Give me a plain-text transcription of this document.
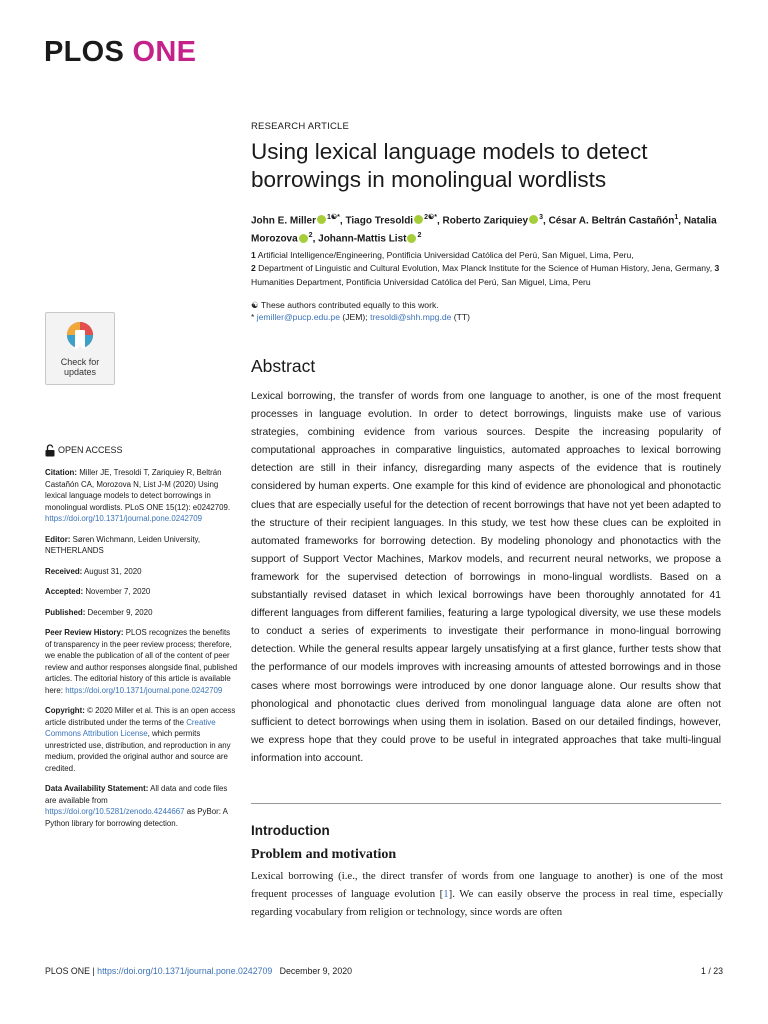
PLOS ONE
RESEARCH ARTICLE
Using lexical language models to detect borrowings in monolingual wordlists
John E. Miller $^{1☯*}$, Tiago Tresoldi $^{2☯*}$, Roberto Zariquiey $^3$, César A. Beltrán Castañón$^1$, Natalia Morozova $^2$, Johann-Mattis List $^2$
1 Artificial Intelligence/Engineering, Pontificia Universidad Católica del Perú, San Miguel, Lima, Peru,
2 Department of Linguistic and Cultural Evolution, Max Planck Institute for the Science of Human History, Jena, Germany, 3 Humanities Department, Pontificia Universidad Católica del Perú, San Miguel, Lima, Peru
☯ These authors contributed equally to this work.
* jemiller@pucp.edu.pe (JEM); tresoldi@shh.mpg.de (TT)
Check for
updates
OPEN ACCESS
Citation: Miller JE, Tresoldi T, Zariquiey R, Beltrán Castañón CA, Morozova N, List J-M (2020) Using lexical language models to detect borrowings in monolingual wordlists. PLoS ONE 15(12): e0242709. https://doi.org/10.1371/journal.pone.0242709
Editor: Søren Wichmann, Leiden University, NETHERLANDS
Received: August 31, 2020
Accepted: November 7, 2020
Published: December 9, 2020
Peer Review History: PLOS recognizes the benefits of transparency in the peer review process; therefore, we enable the publication of all of the content of peer review and author responses alongside final, published articles. The editorial history of this article is available here: https://doi.org/10.1371/journal.pone.0242709
Copyright: © 2020 Miller et al. This is an open access article distributed under the terms of the Creative Commons Attribution License, which permits unrestricted use, distribution, and reproduction in any medium, provided the original author and source are credited.
Data Availability Statement: All data and code files are available from https://doi.org/10.5281/zenodo.4244667 as PyBor: A Python library for borrowing detection.
Abstract
Lexical borrowing, the transfer of words from one language to another, is one of the most frequent processes in language evolution. In order to detect borrowings, linguists make use of various strategies, combining evidence from various sources. Despite the increasing popularity of computational approaches in comparative linguistics, automated approaches to lexical borrowing detection are still in their infancy, disregarding many aspects of the evidence that is routinely considered by human experts. One example for this kind of evidence are phonological and phonotactic clues that are especially useful for the detection of recent borrowings that have not yet been adapted to the structure of their recipient languages. In this study, we test how these clues can be exploited in automated frameworks for borrowing detection. By modeling phonology and phonotactics with the support of Support Vector Machines, Markov models, and recurrent neural networks, we propose a framework for the supervised detection of borrowings in mono-lingual wordlists. Based on a substantially revised dataset in which lexical borrowings have been thoroughly annotated for 41 different languages from different families, featuring a large typological diversity, we use these models to conduct a series of experiments to investigate their performance in mono-lingual borrowing detection. While the general results appear largely unsatisfying at a first glance, further tests show that the performance of our models improves with increasing amounts of attested borrowings and in those cases where most borrowings were introduced by one donor language alone. Our results show that phonological and phonotactic clues derived from monolingual language data alone are often not sufficient to detect borrowings when using them in isolation. Based on our detailed findings, however, we express hope that they could prove to be useful in integrated approaches that take multi-lingual information into account.
Introduction
Problem and motivation
Lexical borrowing (i.e., the direct transfer of words from one language to another) is one of the most frequent processes of language evolution [1]. We can easily observe the process in real time, especially regarding vocabulary from religion or technology, since words are often
PLOS ONE | https://doi.org/10.1371/journal.pone.0242709 December 9, 2020	1 / 23
